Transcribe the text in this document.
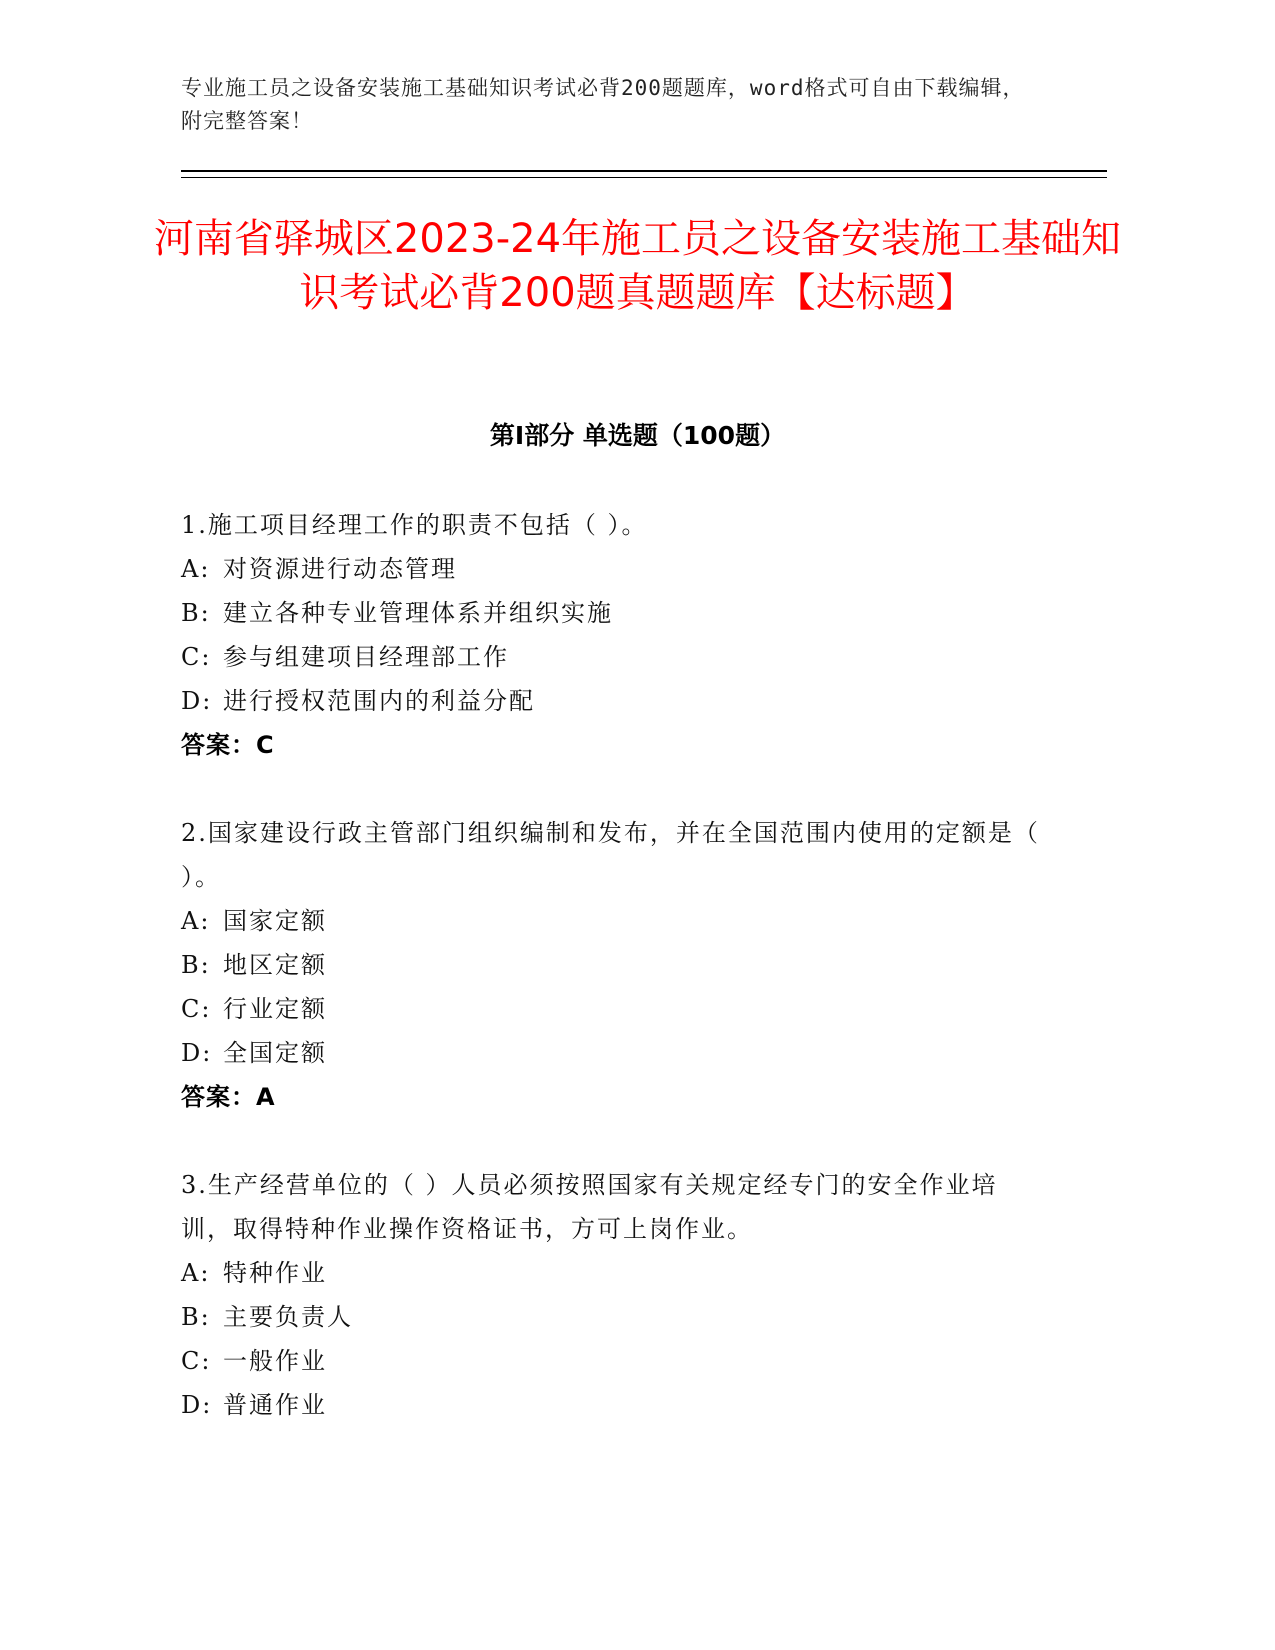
专业施工员之设备安装施工基础知识考试必背200题题库，word格式可自由下载编辑，附完整答案！
河南省驿城区2023-24年施工员之设备安装施工基础知识考试必背200题真题题库【达标题】
第I部分 单选题（100题）
1.施工项目经理工作的职责不包括（ ）。
A: 对资源进行动态管理
B: 建立各种专业管理体系并组织实施
C: 参与组建项目经理部工作
D: 进行授权范围内的利益分配
答案：C
2.国家建设行政主管部门组织编制和发布，并在全国范围内使用的定额是（ ）。
A: 国家定额
B: 地区定额
C: 行业定额
D: 全国定额
答案：A
3.生产经营单位的（ ）人员必须按照国家有关规定经专门的安全作业培训，取得特种作业操作资格证书，方可上岗作业。
A: 特种作业
B: 主要负责人
C: 一般作业
D: 普通作业
